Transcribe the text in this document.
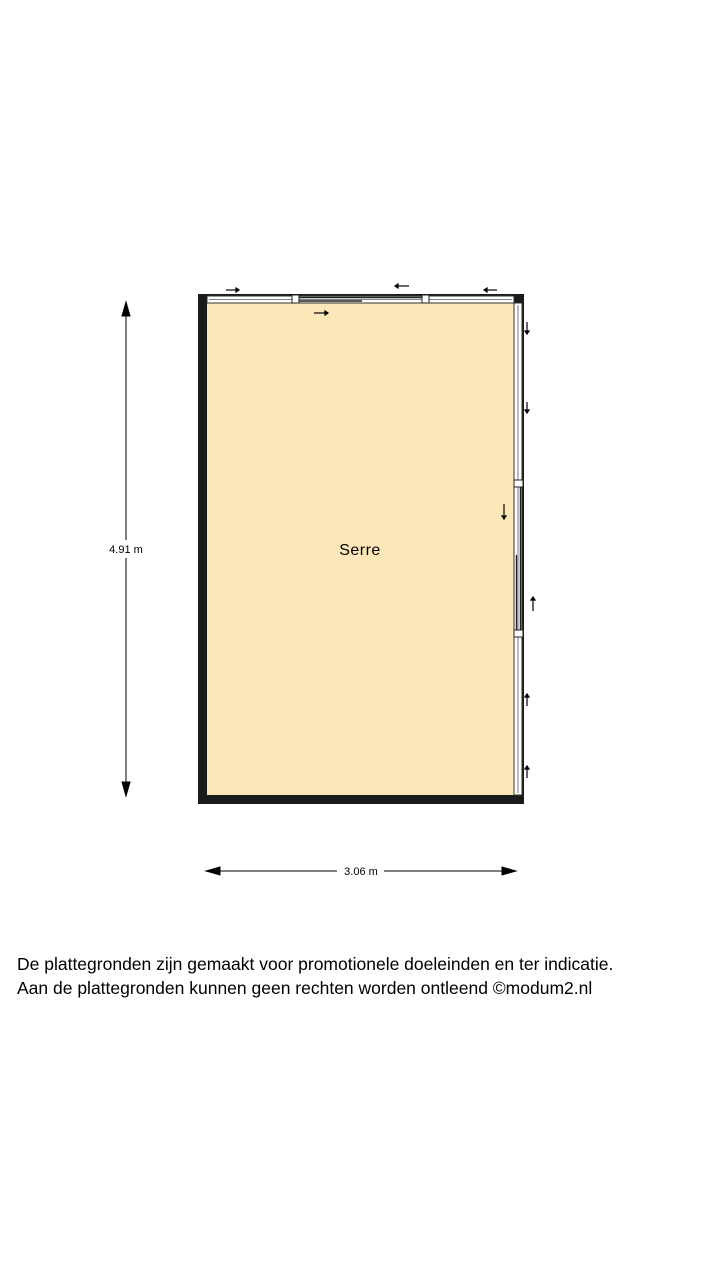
Serre
4.91 m
3.06 m
De plattegronden zijn gemaakt voor promotionele doeleinden en ter indicatie.
Aan de plattegronden kunnen geen rechten worden ontleend ©modum2.nl
